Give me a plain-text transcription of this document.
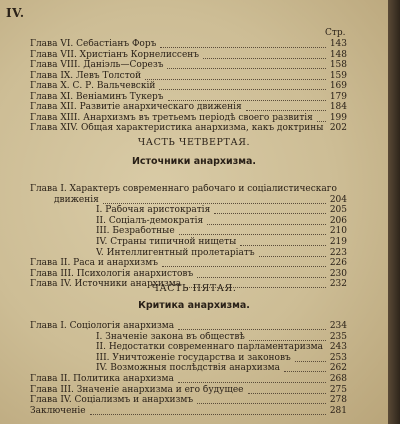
IV.
Стр.
Глава VI. Себастіанъ Форъ	143
Глава VII. Христіанъ Корнелиссенъ	148
Глава VIII. Даніэль—Сорезъ	158
Глава IX. Левъ Толстой	159
Глава X. С. Р. Вальчевскій	169
Глава XI. Веніаминъ Тукеръ	179
Глава XII. Развитіе анархическаго движенія	184
Глава XIII. Анархизмъ въ третьемъ періодѣ своего развитія	199
Глава XIV. Общая характеристика анархизма, какъ доктрины 202
ЧАСТЬ ЧЕТВЕРТАЯ.
Источники анархизма.
Глава I. Характеръ современнаго рабочаго и соціалистическаго
движенія	204
I. Рабочая аристократія	205
II. Соціалъ-демократія	206
III. Безработные	210
IV. Страны типичной нищеты	219
V. Интеллигентный пролетаріатъ	223
Глава II. Раса и анархизмъ	226
Глава III. Психологія анархистовъ	230
Глава IV. Источники анархизма	232
ЧАСТЬ ПЯТАЯ.
Критика анархизма.
Глава I. Соціологія анархизма	234
I. Значеніе закона въ обществѣ	235
II. Недостатки современнаго парламентаризма 243
III. Уничтоженіе государства и законовъ	253
IV. Возможныя послѣдствія анархизма	262
Глава II. Политика анархизма	268
Глава III. Значеніе анархизма и его будущее	275
Глава IV. Соціализмъ и анархизмъ	278
Заключеніе	281
